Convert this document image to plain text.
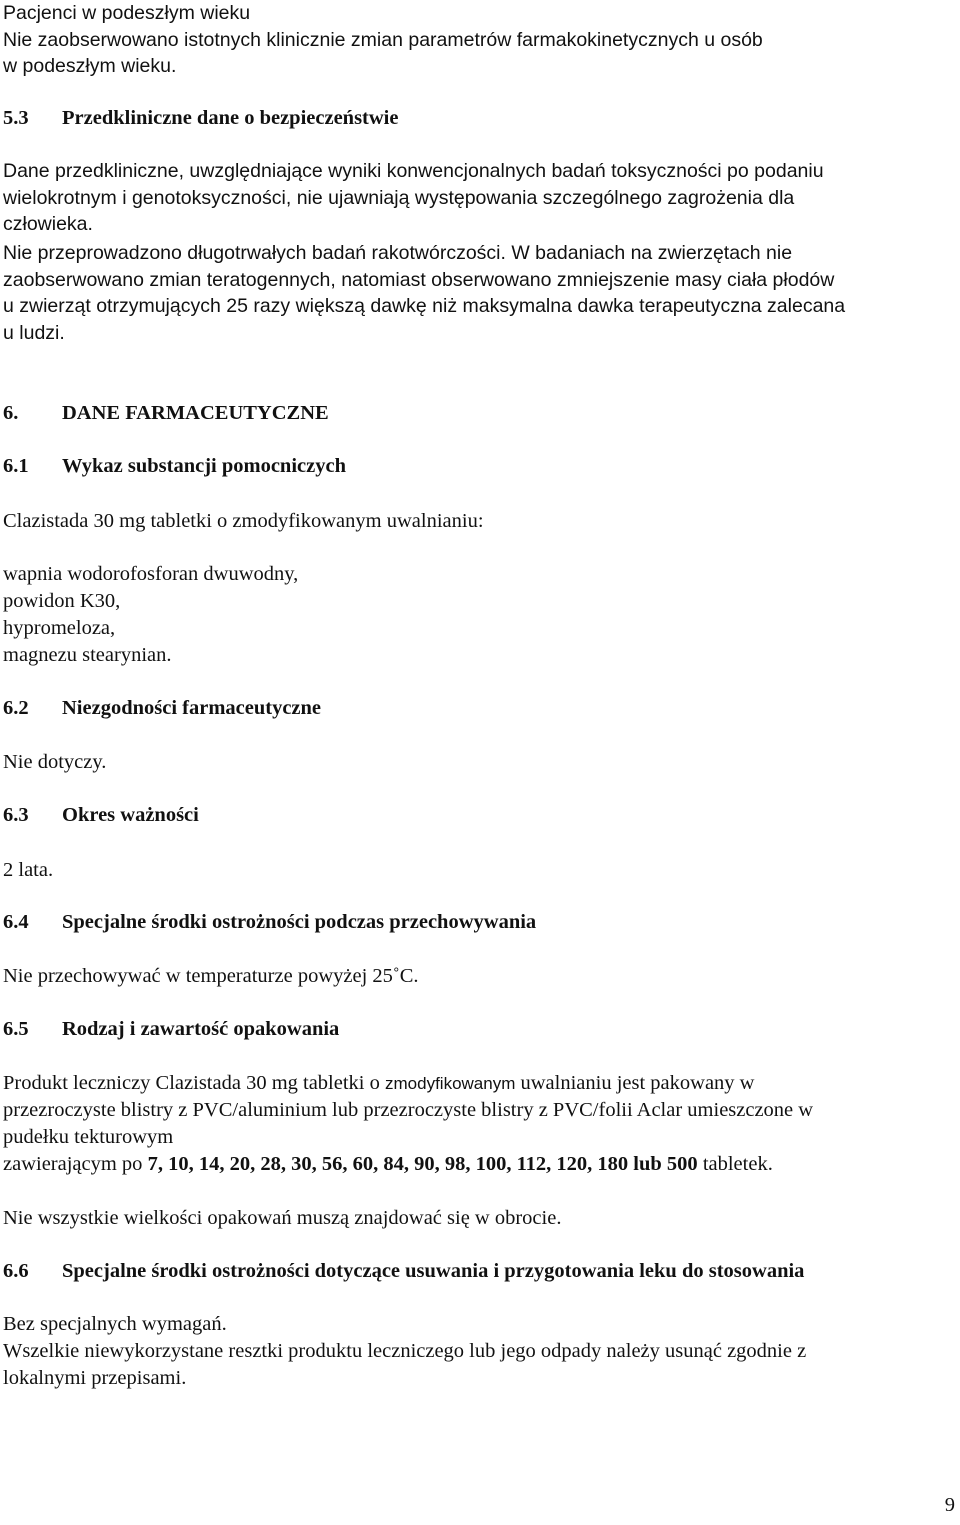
Pacjenci w podeszłym wieku
Nie zaobserwowano istotnych klinicznie zmian parametrów farmakokinetycznych u osób
w podeszłym wieku.
5.3 Przedkliniczne dane o bezpieczeństwie
Dane przedkliniczne, uwzględniające wyniki konwencjonalnych badań toksyczności po podaniu
wielokrotnym i genotoksyczności, nie ujawniają występowania szczególnego zagrożenia dla
człowieka.
Nie przeprowadzono długotrwałych badań rakotwórczości. W badaniach na zwierzętach nie
zaobserwowano zmian teratogennych, natomiast obserwowano zmniejszenie masy ciała płodów
u zwierząt otrzymujących 25 razy większą dawkę niż maksymalna dawka terapeutyczna zalecana
u ludzi.
6. DANE FARMACEUTYCZNE
6.1 Wykaz substancji pomocniczych
Clazistada 30 mg tabletki o zmodyfikowanym uwalnianiu:
wapnia wodorofosforan dwuwodny,
powidon K30,
hypromeloza,
magnezu stearynian.
6.2 Niezgodności farmaceutyczne
Nie dotyczy.
6.3 Okres ważności
2 lata.
6.4 Specjalne środki ostrożności podczas przechowywania
Nie przechowywać w temperaturze powyżej 25˚C.
6.5 Rodzaj i zawartość opakowania
Produkt leczniczy Clazistada 30 mg tabletki o zmodyfikowanym uwalnianiu jest pakowany w
przezroczyste blistry z PVC/aluminium lub przezroczyste blistry z PVC/folii Aclar umieszczone w
pudełku tekturowym
zawierającym po 7, 10, 14, 20, 28, 30, 56, 60, 84, 90, 98, 100, 112, 120, 180 lub 500 tabletek.
Nie wszystkie wielkości opakowań muszą znajdować się w obrocie.
6.6 Specjalne środki ostrożności dotyczące usuwania i przygotowania leku do stosowania
Bez specjalnych wymagań.
Wszelkie niewykorzystane resztki produktu leczniczego lub jego odpady należy usunąć zgodnie z
lokalnymi przepisami.
9
